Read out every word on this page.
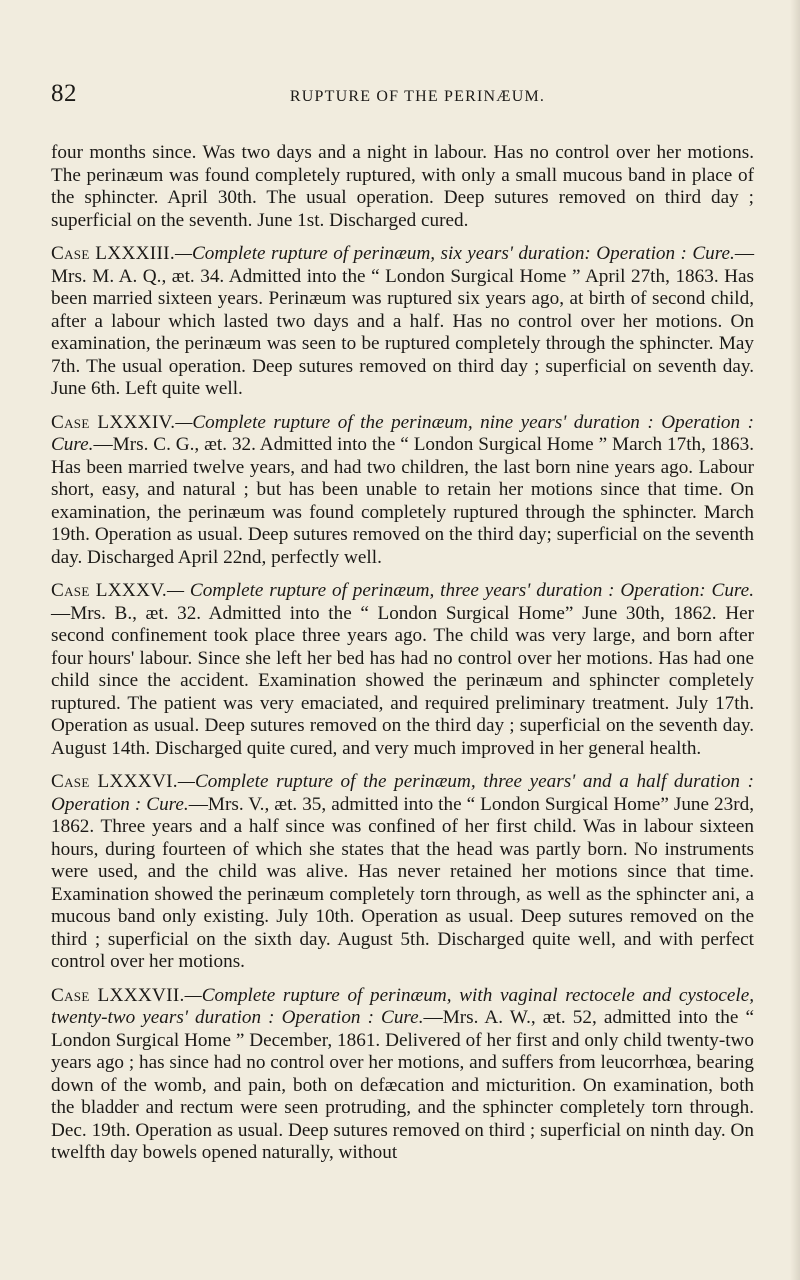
82	RUPTURE OF THE PERINÆUM.

four months since. Was two days and a night in labour. Has no control over her motions. The perinæum was found completely ruptured, with only a small mucous band in place of the sphincter. April 30th. The usual operation. Deep sutures removed on third day ; superficial on the seventh. June 1st. Discharged cured.

Case LXXXIII.—Complete rupture of perinæum, six years' duration: Operation : Cure.—Mrs. M. A. Q., æt. 34. Admitted into the “ London Surgical Home ” April 27th, 1863. Has been married sixteen years. Perinæum was ruptured six years ago, at birth of second child, after a labour which lasted two days and a half. Has no control over her motions. On examination, the perinæum was seen to be ruptured completely through the sphincter. May 7th. The usual operation. Deep sutures removed on third day ; superficial on seventh day. June 6th. Left quite well.

Case LXXXIV.—Complete rupture of the perinæum, nine years' duration : Operation : Cure.—Mrs. C. G., æt. 32. Admitted into the “ London Surgical Home ” March 17th, 1863. Has been married twelve years, and had two children, the last born nine years ago. Labour short, easy, and natural ; but has been unable to retain her motions since that time. On examination, the perinæum was found completely ruptured through the sphincter. March 19th. Operation as usual. Deep sutures removed on the third day; superficial on the seventh day. Discharged April 22nd, perfectly well.

Case LXXXV.— Complete rupture of perinæum, three years' duration : Operation: Cure.—Mrs. B., æt. 32. Admitted into the “ London Surgical Home” June 30th, 1862. Her second confinement took place three years ago. The child was very large, and born after four hours' labour. Since she left her bed has had no control over her motions. Has had one child since the accident. Examination showed the perinæum and sphincter completely ruptured. The patient was very emaciated, and required preliminary treatment. July 17th. Operation as usual. Deep sutures removed on the third day ; superficial on the seventh day. August 14th. Discharged quite cured, and very much improved in her general health.

Case LXXXVI.—Complete rupture of the perinæum, three years' and a half duration : Operation : Cure.—Mrs. V., æt. 35, admitted into the “ London Surgical Home” June 23rd, 1862. Three years and a half since was confined of her first child. Was in labour sixteen hours, during fourteen of which she states that the head was partly born. No instruments were used, and the child was alive. Has never retained her motions since that time. Examination showed the perinæum completely torn through, as well as the sphincter ani, a mucous band only existing. July 10th. Operation as usual. Deep sutures removed on the third ; superficial on the sixth day. August 5th. Discharged quite well, and with perfect control over her motions.

Case LXXXVII.—Complete rupture of perinæum, with vaginal rectocele and cystocele, twenty-two years' duration : Operation : Cure.—Mrs. A. W., æt. 52, admitted into the “ London Surgical Home ” December, 1861. Delivered of her first and only child twenty-two years ago ; has since had no control over her motions, and suffers from leucorrhœa, bearing down of the womb, and pain, both on defæcation and micturition. On examination, both the bladder and rectum were seen protruding, and the sphincter completely torn through. Dec. 19th. Operation as usual. Deep sutures removed on third ; superficial on ninth day. On twelfth day bowels opened naturally, without
